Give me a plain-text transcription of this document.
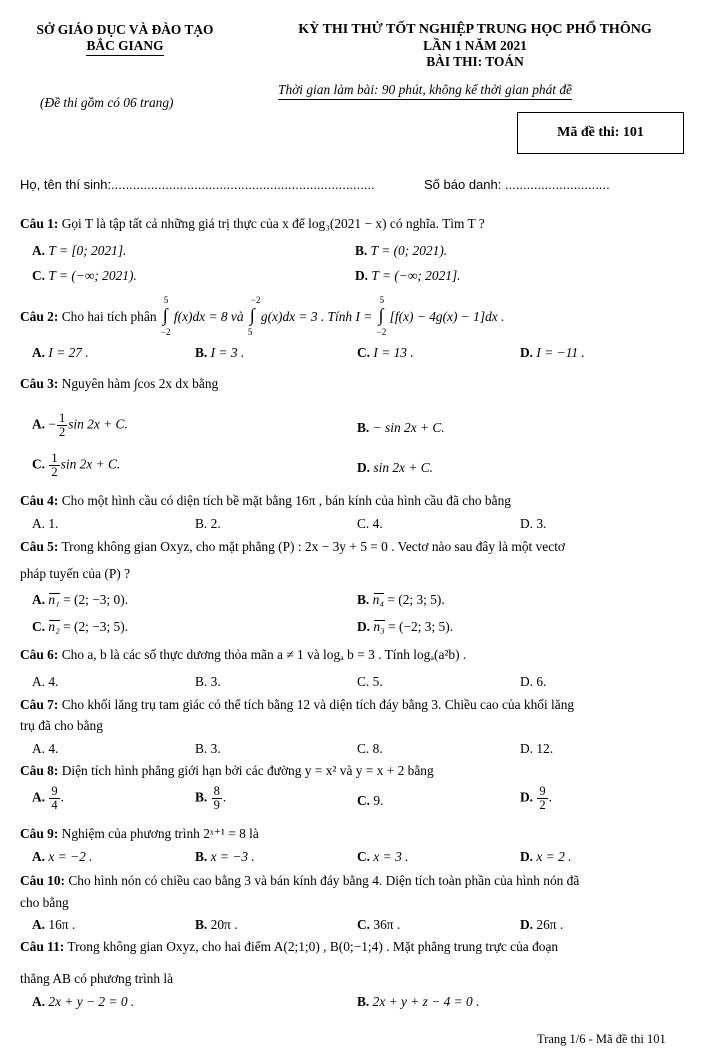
SỞ GIÁO DỤC VÀ ĐÀO TẠO
BẮC GIANG
(Đề thi gồm có 06 trang)
KỲ THI THỬ TỐT NGHIỆP TRUNG HỌC PHỔ THÔNG
LẦN 1 NĂM 2021
BÀI THI: TOÁN
Thời gian làm bài: 90 phút, không kể thời gian phát đề
Mã đề thi: 101
Họ, tên thí sinh:.........................................................................	Số báo danh: .............................
Câu 1: Gọi T là tập tất cả những giá trị thực của x để log₃(2021 − x) có nghĩa. Tìm T ?
A. T = [0; 2021].	B. T = (0; 2021).
C. T = (−∞; 2021).	D. T = (−∞; 2021].
Câu 2: Cho hai tích phân ∫
5
−2
f(x)dx = 8 và ∫
−2
5
g(x)dx = 3 . Tính I = ∫
5
−2
[f(x) − 4g(x) − 1]dx .
A. I = 27 .	B. I = 3 .	C. I = 13 .	D. I = −11 .
Câu 3: Nguyên hàm ∫cos 2x dx bằng
A. − $\frac{1}{2}$ sin 2x + C.	B. − sin 2x + C.
C. $\frac{1}{2}$ sin 2x + C.	D. sin 2x + C.
Câu 4: Cho một hình cầu có diện tích bề mặt bằng 16π , bán kính của hình cầu đã cho bằng
A. 1.	B. 2.	C. 4.	D. 3.
Câu 5: Trong không gian Oxyz, cho mặt phẳng (P) : 2x − 3y + 5 = 0 . Vectơ nào sau đây là một vectơ
pháp tuyến của (P) ?
A. n₁ = (2; −3; 0).	B. n₄ = (2; 3; 5).
C. n₂ = (2; −3; 5).	D. n₃ = (−2; 3; 5).
Câu 6: Cho a, b là các số thực dương thỏa mãn a ≠ 1 và logₐ b = 3 . Tính logₐ(a²b) .
A. 4.	B. 3.	C. 5.	D. 6.
Câu 7: Cho khối lăng trụ tam giác có thể tích bằng 12 và diện tích đáy bằng 3. Chiều cao của khối lăng
trụ đã cho bằng
A. 4.	B. 3.	C. 8.	D. 12.
Câu 8: Diện tích hình phẳng giới hạn bởi các đường y = x² và y = x + 2 bằng
A. $\frac{9}{4}$ .	B. $\frac{8}{9}$ .	C. 9.	D. $\frac{9}{2}$ .
Câu 9: Nghiệm của phương trình 2ˣ⁺¹ = 8 là
A. x = −2 .	B. x = −3 .	C. x = 3 .	D. x = 2 .
Câu 10: Cho hình nón có chiều cao bằng 3 và bán kính đáy bằng 4. Diện tích toàn phần của hình nón đã
cho bằng
A. 16π .	B. 20π .	C. 36π .	D. 26π .
Câu 11: Trong không gian Oxyz, cho hai điểm A(2;1;0) , B(0;−1;4) . Mặt phẳng trung trực của đoạn
thẳng AB có phương trình là
A. 2x + y − 2 = 0 .	B. 2x + y + z − 4 = 0 .
Trang 1/6 - Mã đề thi 101
